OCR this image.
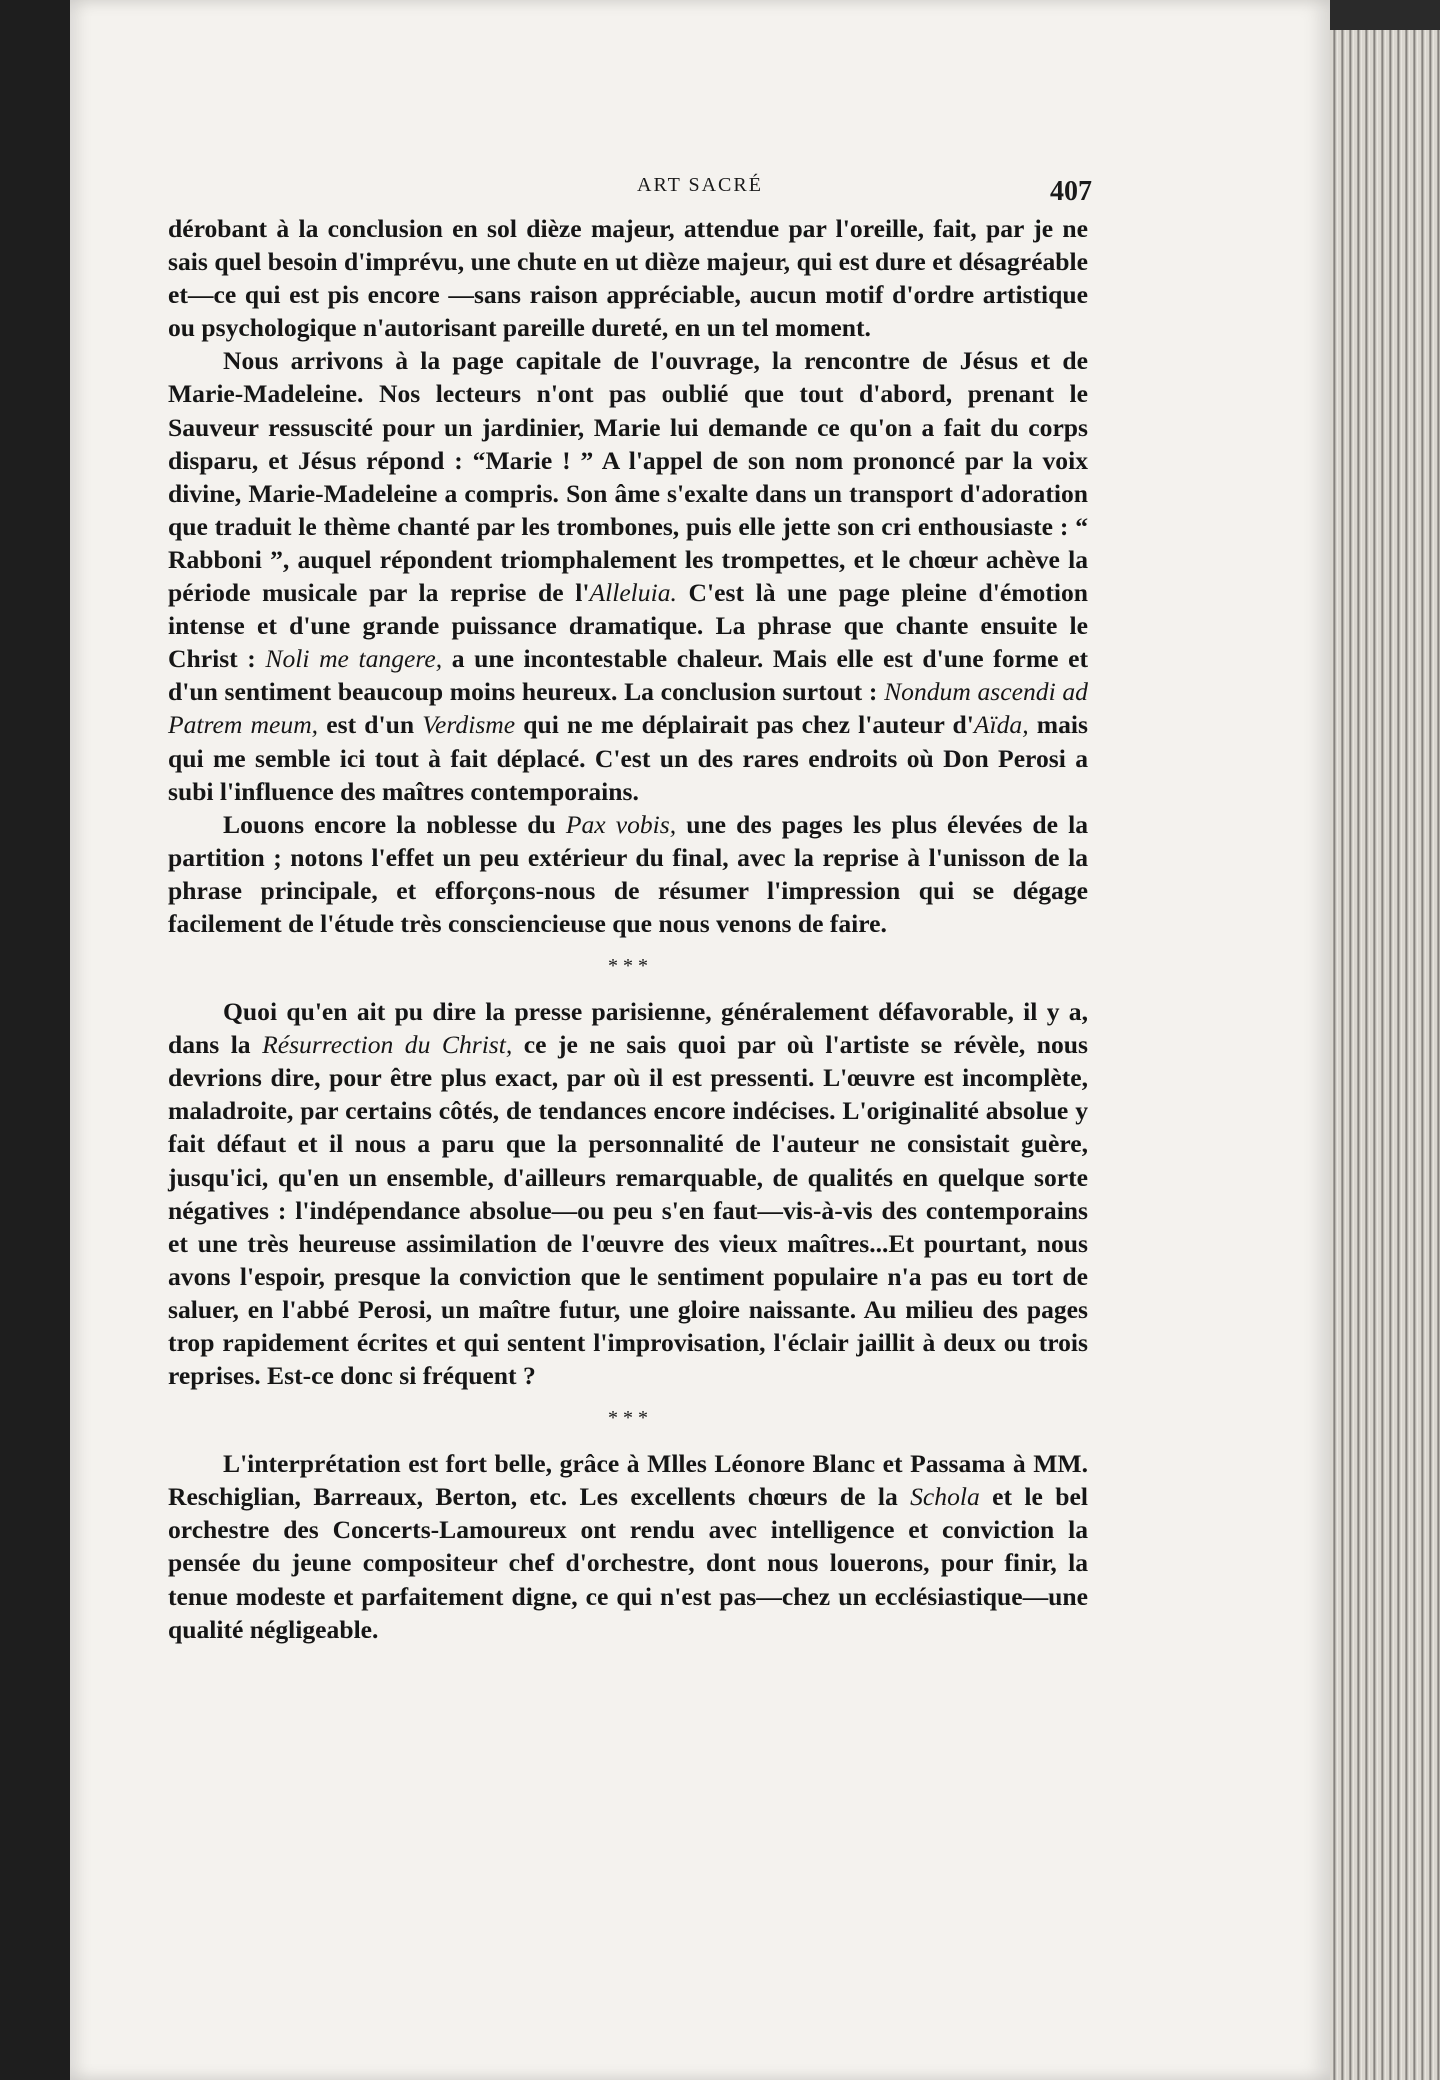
ART SACRÉ	407

dérobant à la conclusion en sol dièze majeur, attendue par l'oreille, fait, par je ne sais quel besoin d'imprévu, une chute en ut dièze majeur, qui est dure et désagréable et—ce qui est pis encore —sans raison appréciable, aucun motif d'ordre artistique ou psychologique n'autorisant pareille dureté, en un tel moment.

Nous arrivons à la page capitale de l'ouvrage, la rencontre de Jésus et de Marie-Madeleine. Nos lecteurs n'ont pas oublié que tout d'abord, prenant le Sauveur ressuscité pour un jardinier, Marie lui demande ce qu'on a fait du corps disparu, et Jésus répond : “Marie ! ” A l'appel de son nom prononcé par la voix divine, Marie-Madeleine a compris. Son âme s'exalte dans un transport d'adoration que traduit le thème chanté par les trombones, puis elle jette son cri enthousiaste : “ Rabboni ”, auquel répondent triomphalement les trompettes, et le chœur achève la période musicale par la reprise de l'Alleluia. C'est là une page pleine d'émotion intense et d'une grande puissance dramatique. La phrase que chante ensuite le Christ : Noli me tangere, a une incontestable chaleur. Mais elle est d'une forme et d'un sentiment beaucoup moins heureux. La conclusion surtout : Nondum ascendi ad Patrem meum, est d'un Verdisme qui ne me déplairait pas chez l'auteur d'Aïda, mais qui me semble ici tout à fait déplacé. C'est un des rares endroits où Don Perosi a subi l'influence des maîtres contemporains.

Louons encore la noblesse du Pax vobis, une des pages les plus élevées de la partition ; notons l'effet un peu extérieur du final, avec la reprise à l'unisson de la phrase principale, et efforçons-nous de résumer l'impression qui se dégage facilement de l'étude très consciencieuse que nous venons de faire.

* * *

Quoi qu'en ait pu dire la presse parisienne, généralement défavorable, il y a, dans la Résurrection du Christ, ce je ne sais quoi par où l'artiste se révèle, nous devrions dire, pour être plus exact, par où il est pressenti. L'œuvre est incomplète, maladroite, par certains côtés, de tendances encore indécises. L'originalité absolue y fait défaut et il nous a paru que la personnalité de l'auteur ne consistait guère, jusqu'ici, qu'en un ensemble, d'ailleurs remarquable, de qualités en quelque sorte négatives : l'indépendance absolue—ou peu s'en faut—vis-à-vis des contemporains et une très heureuse assimilation de l'œuvre des vieux maîtres...Et pourtant, nous avons l'espoir, presque la conviction que le sentiment populaire n'a pas eu tort de saluer, en l'abbé Perosi, un maître futur, une gloire naissante. Au milieu des pages trop rapidement écrites et qui sentent l'improvisation, l'éclair jaillit à deux ou trois reprises. Est-ce donc si fréquent ?

* * *

L'interprétation est fort belle, grâce à Mlles Léonore Blanc et Passama à MM. Reschiglian, Barreaux, Berton, etc. Les excellents chœurs de la Schola et le bel orchestre des Concerts-Lamoureux ont rendu avec intelligence et conviction la pensée du jeune compositeur chef d'orchestre, dont nous louerons, pour finir, la tenue modeste et parfaitement digne, ce qui n'est pas—chez un ecclésiastique—une qualité négligeable.
